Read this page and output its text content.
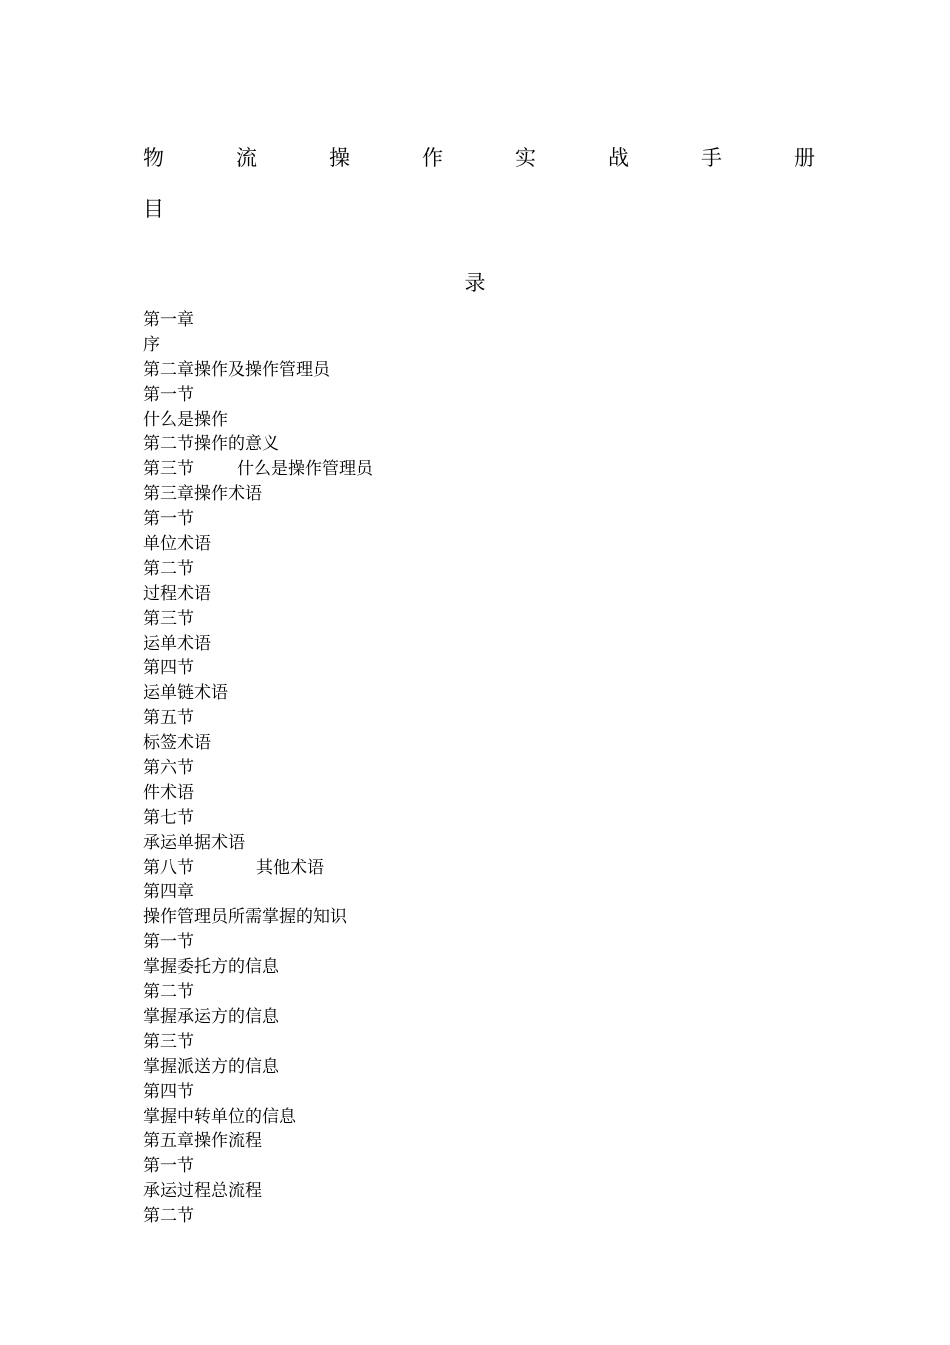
物	流	操	作	实	战	手	册
目
录
第一章
序
第二章操作及操作管理员
第一节
什么是操作
第二节操作的意义
第三节	什么是操作管理员
第三章操作术语
第一节
单位术语
第二节
过程术语
第三节
运单术语
第四节
运单链术语
第五节
标签术语
第六节
件术语
第七节
承运单据术语
第八节	其他术语
第四章
操作管理员所需掌握的知识
第一节
掌握委托方的信息
第二节
掌握承运方的信息
第三节
掌握派送方的信息
第四节
掌握中转单位的信息
第五章操作流程
第一节
承运过程总流程
第二节
